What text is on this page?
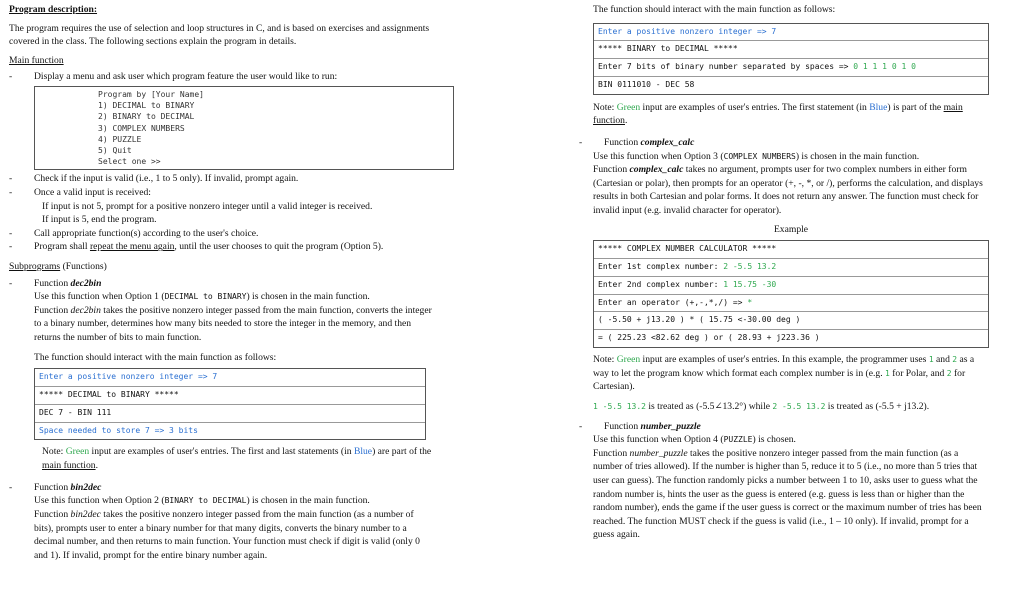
Program description:

The program requires the use of selection and loop structures in C, and is based on exercises and assignments covered in the class. The following sections explain the program in details.

Main function

- Display a menu and ask user which program feature the user would like to run:
Program by [Your Name]
1) DECIMAL to BINARY
2) BINARY to DECIMAL
3) COMPLEX NUMBERS
4) PUZZLE
5) Quit
Select one >>
- Check if the input is valid (i.e., 1 to 5 only). If invalid, prompt again.
- Once a valid input is received:

If input is not 5, prompt for a positive nonzero integer until a valid integer is received.

If input is 5, end the program.

- Call appropriate function(s) according to the user's choice.
- Program shall repeat the menu again, until the user chooses to quit the program (Option 5).

Subprograms (Functions)

- Function dec2bin

Use this function when Option 1 (DECIMAL to BINARY) is chosen in the main function.

Function dec2bin takes the positive nonzero integer passed from the main function, converts the integer to a binary number, determines how many bits needed to store the integer in the memory, and then returns the number of bits to main function.

The function should interact with the main function as follows:

Enter a positive nonzero integer => 7
***** DECIMAL to BINARY *****
DEC 7 - BIN 111
Space needed to store 7 => 3 bits

Note: Green input are examples of user's entries. The first and last statements (in Blue) are part of the main function.

- Function bin2dec

Use this function when Option 2 (BINARY to DECIMAL) is chosen in the main function.

Function bin2dec takes the positive nonzero integer passed from the main function (as a number of bits), prompts user to enter a binary number for that many digits, converts the binary number to a decimal number, and then returns to main function. Your function must check if digit is valid (only 0 and 1). If invalid, prompt for the entire binary number again.

The function should interact with the main function as follows:

Enter a positive nonzero integer => 7
***** BINARY to DECIMAL *****
Enter 7 bits of binary number separated by spaces => 0 1 1 1 0 1 0
BIN 0111010 - DEC 58

Note: Green input are examples of user's entries. The first statement (in Blue) is part of the main function.

- Function complex_calc

Use this function when Option 3 (COMPLEX NUMBERS) is chosen in the main function.

Function complex_calc takes no argument, prompts user for two complex numbers in either form (Cartesian or polar), then prompts for an operator (+, -, *, or /), performs the calculation, and displays results in both Cartesian and polar forms. It does not return any answer. The function must check for invalid input (e.g. invalid character for operator).

Example

***** COMPLEX NUMBER CALCULATOR *****
Enter 1st complex number: 2 -5.5 13.2
Enter 2nd complex number: 1 15.75 -30
Enter an operator (+,-,*,/) => *
( -5.50 + j13.20 ) * ( 15.75 <-30.00 deg )
= ( 225.23 <82.62 deg ) or ( 28.93 + j223.36 )

Note: Green input are examples of user's entries. In this example, the programmer uses 1 and 2 as a way to let the program know which format each complex number is in (e.g. 1 for Polar, and 2 for Cartesian).

1 -5.5 13.2 is treated as (-5.5∠13.2°) while 2 -5.5 13.2 is treated as (-5.5 + j13.2).

- Function number_puzzle

Use this function when Option 4 (PUZZLE) is chosen.

Function number_puzzle takes the positive nonzero integer passed from the main function (as a number of tries allowed). If the number is higher than 5, reduce it to 5 (i.e., no more than 5 tries that user can guess). The function randomly picks a number between 1 to 10, asks user to guess what the random number is, hints the user as the guess is entered (e.g. guess is less than or higher than the random number), ends the game if the user guess is correct or the maximum number of tries has been reached. The function MUST check if the guess is valid (i.e., 1 – 10 only). If invalid, prompt for a guess again.
